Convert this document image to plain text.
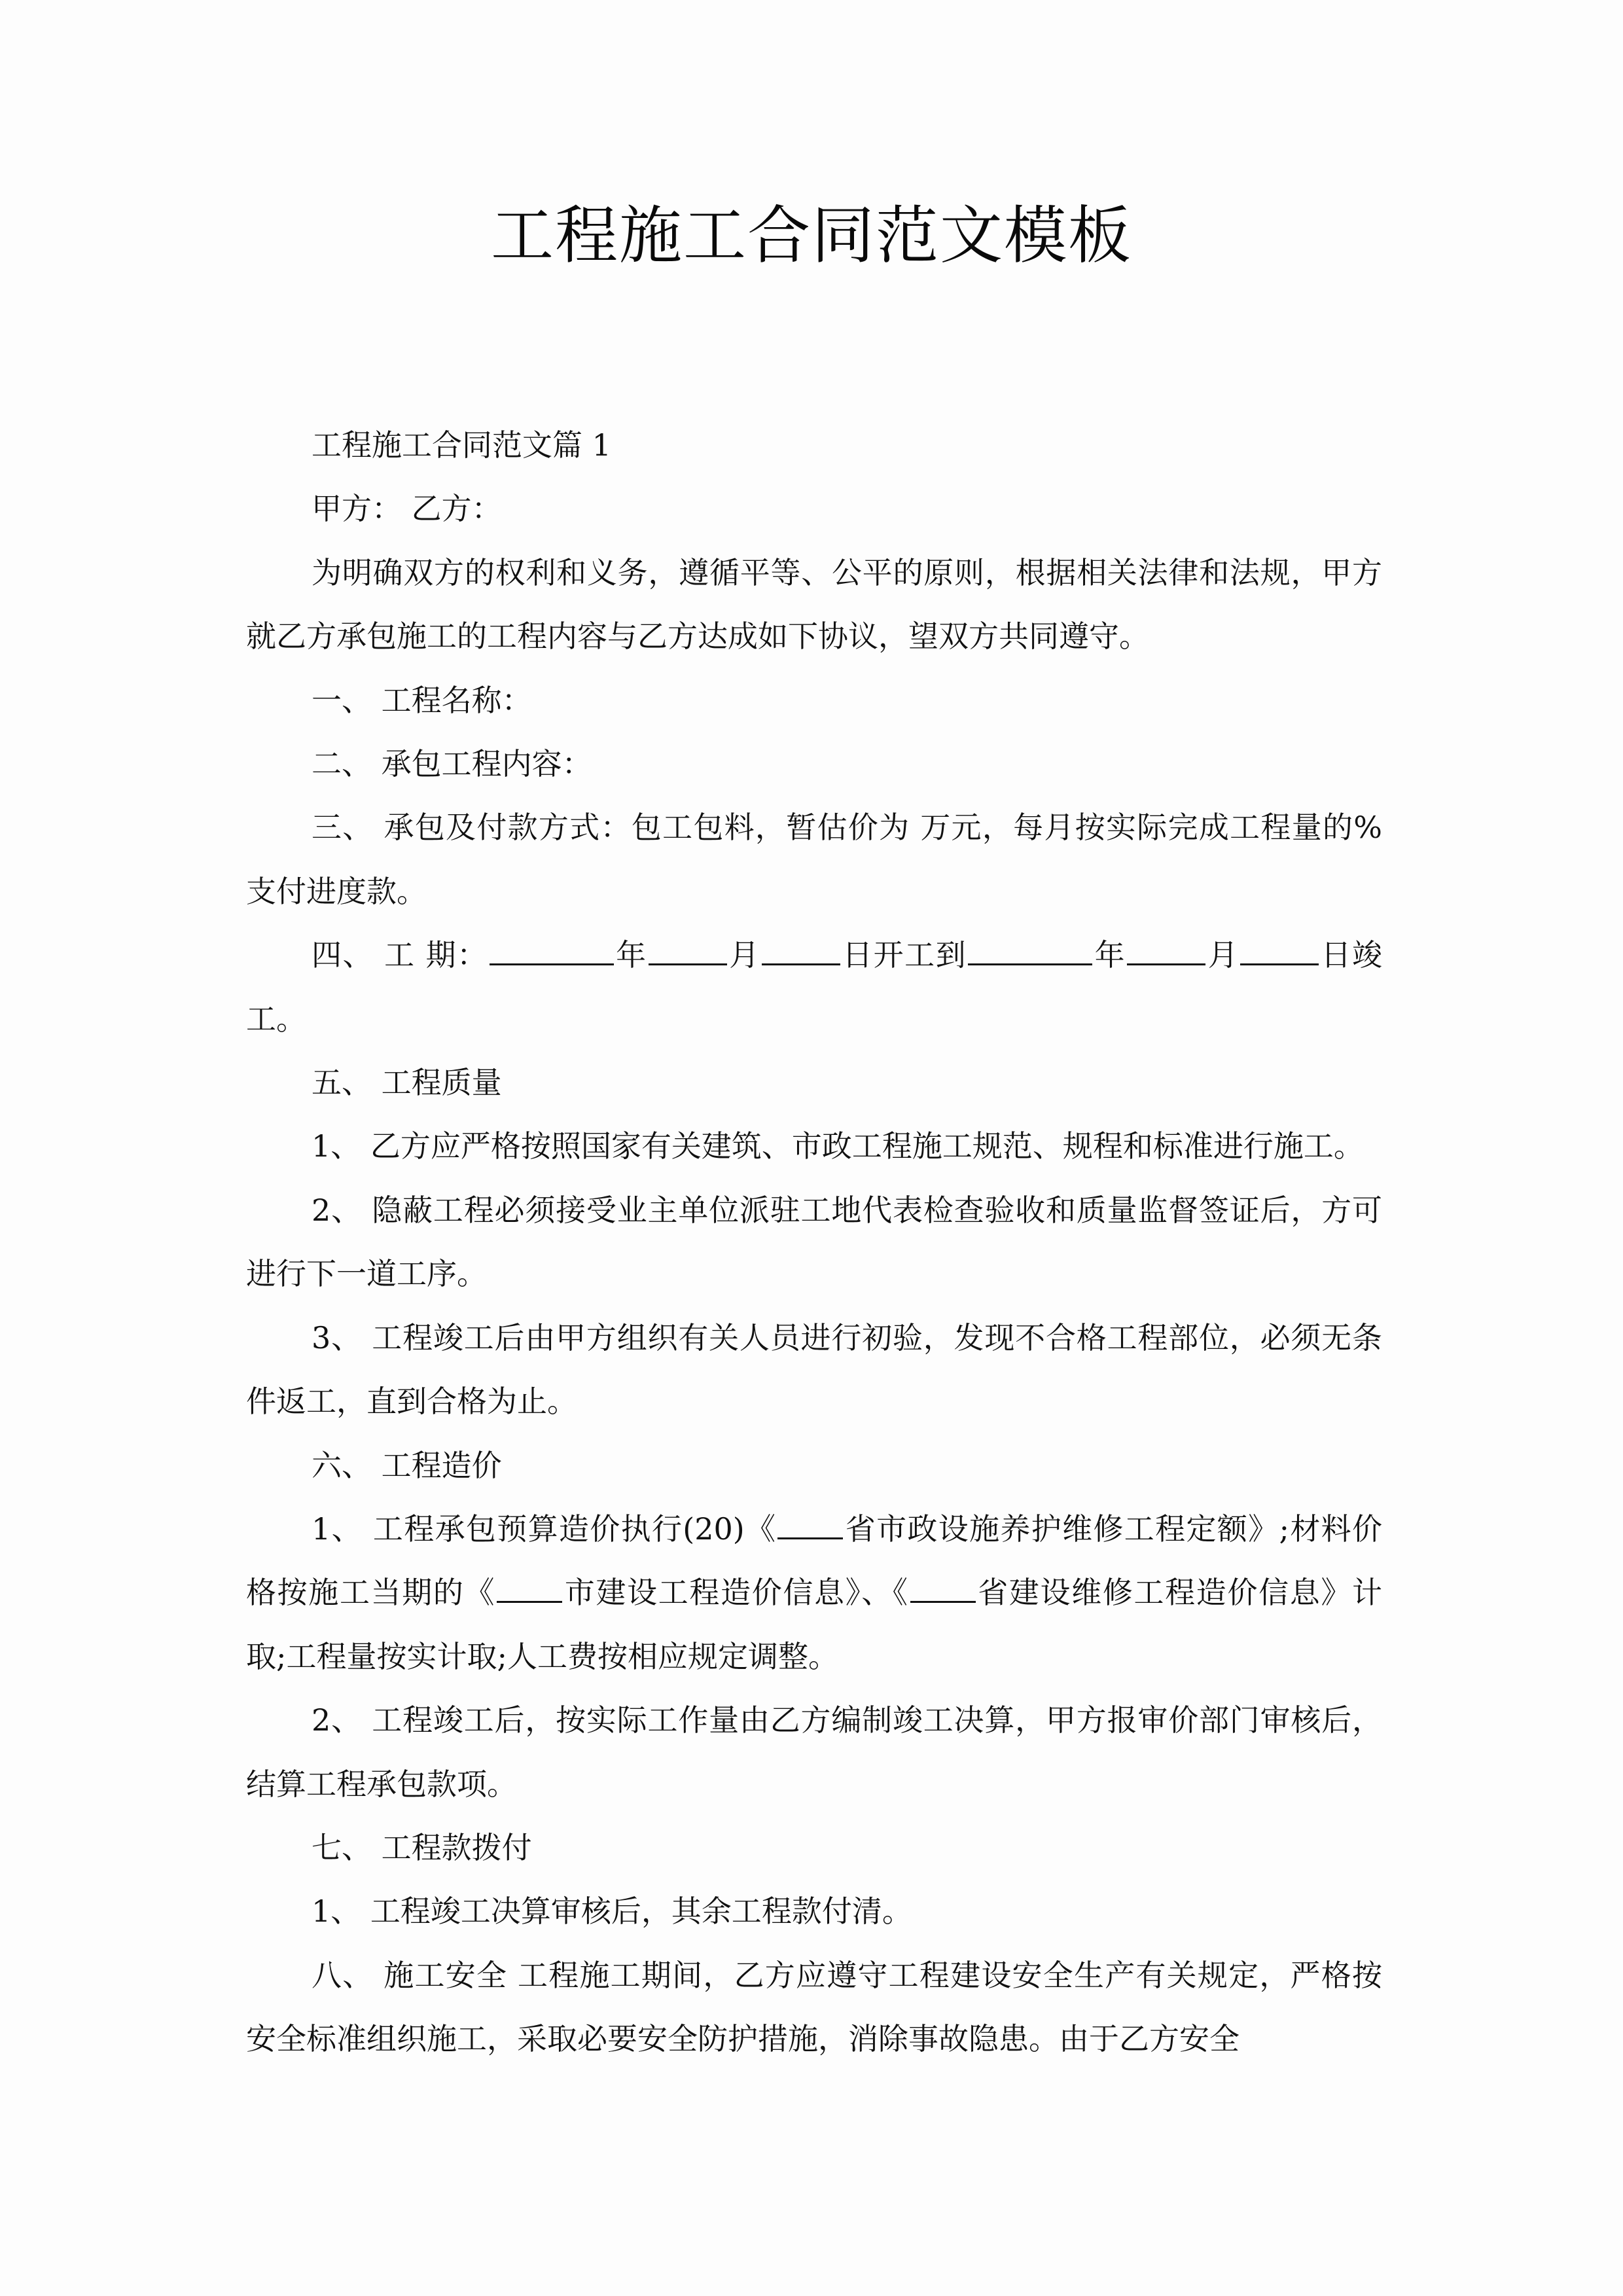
工程施工合同范文模板

工程施工合同范文篇 1

甲方： 乙方：

为明确双方的权利和义务，遵循平等、公平的原则，根据相关法律和法规，甲方就乙方承包施工的工程内容与乙方达成如下协议，望双方共同遵守。

一、 工程名称：

二、 承包工程内容：

三、 承包及付款方式：包工包料，暂估价为 万元，每月按实际完成工程量的%支付进度款。

四、 工 期：	年	月	日开工到	年	月	日竣工。

五、 工程质量

1、 乙方应严格按照国家有关建筑、市政工程施工规范、规程和标准进行施工。

2、 隐蔽工程必须接受业主单位派驻工地代表检查验收和质量监督签证后，方可进行下一道工序。

3、 工程竣工后由甲方组织有关人员进行初验，发现不合格工程部位，必须无条件返工，直到合格为止。

六、 工程造价

1、 工程承包预算造价执行(20)《 省市政设施养护维修工程定额》;材料价格按施工当期的《 市建设工程造价信息》、《 省建设维修工程造价信息》计取;工程量按实计取;人工费按相应规定调整。

2、 工程竣工后，按实际工作量由乙方编制竣工决算，甲方报审价部门审核后，结算工程承包款项。

七、 工程款拨付

1、 工程竣工决算审核后，其余工程款付清。

八、 施工安全 工程施工期间，乙方应遵守工程建设安全生产有关规定，严格按安全标准组织施工，采取必要安全防护措施，消除事故隐患。由于乙方安全
